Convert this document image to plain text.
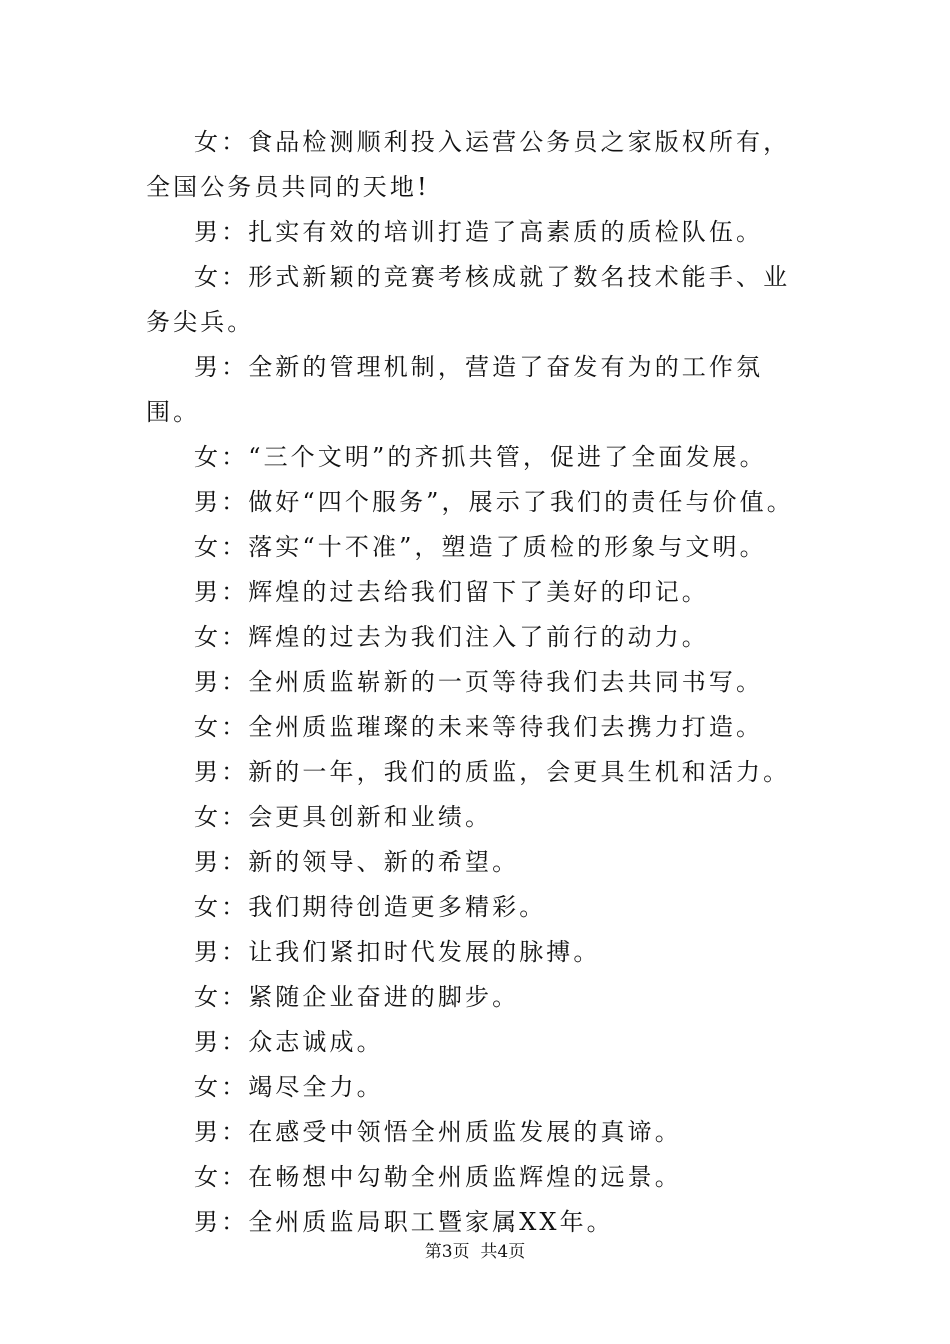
女：食品检测顺利投入运营公务员之家版权所有，全国公务员共同的天地!

男：扎实有效的培训打造了高素质的质检队伍。

女：形式新颖的竞赛考核成就了数名技术能手、业务尖兵。

男：全新的管理机制，营造了奋发有为的工作氛围。

女：“三个文明”的齐抓共管，促进了全面发展。

男：做好“四个服务”，展示了我们的责任与价值。

女：落实“十不准”，塑造了质检的形象与文明。

男：辉煌的过去给我们留下了美好的印记。

女：辉煌的过去为我们注入了前行的动力。

男：全州质监崭新的一页等待我们去共同书写。

女：全州质监璀璨的未来等待我们去携力打造。

男：新的一年，我们的质监，会更具生机和活力。

女：会更具创新和业绩。

男：新的领导、新的希望。

女：我们期待创造更多精彩。

男：让我们紧扣时代发展的脉搏。

女：紧随企业奋进的脚步。

男：众志诚成。

女：竭尽全力。

男：在感受中领悟全州质监发展的真谛。

女：在畅想中勾勒全州质监辉煌的远景。

男：全州质监局职工暨家属XX年。

第3页 共4页
